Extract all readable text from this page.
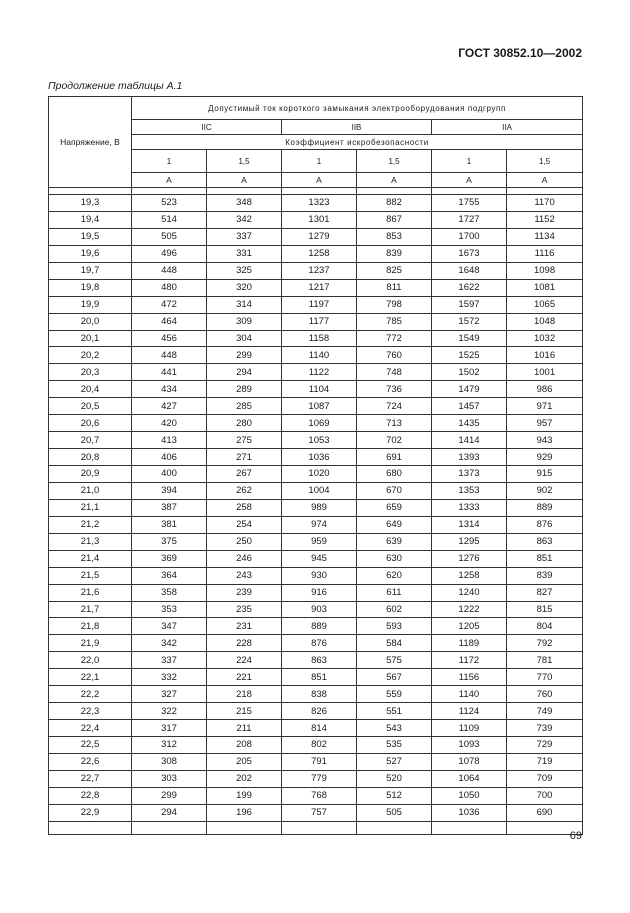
ГОСТ 30852.10—2002
Продолжение таблицы А.1
Напряжение, В	Допустимый ток короткого замыкания электрооборудования подгрупп					
	IIC		IIB		IIA	
	Коэффициент искробезопасности					
	1	1,5	1	1,5	1	1,5
	A	A	A	A	A	A

19,3	523	348	1323	882	1755	1170
19,4	514	342	1301	867	1727	1152
19,5	505	337	1279	853	1700	1134
19,6	496	331	1258	839	1673	1116
19,7	448	325	1237	825	1648	1098
19,8	480	320	1217	811	1622	1081
19,9	472	314	1197	798	1597	1065
20,0	464	309	1177	785	1572	1048
20,1	456	304	1158	772	1549	1032
20,2	448	299	1140	760	1525	1016
20,3	441	294	1122	748	1502	1001
20,4	434	289	1104	736	1479	986
20,5	427	285	1087	724	1457	971
20,6	420	280	1069	713	1435	957
20,7	413	275	1053	702	1414	943
20,8	406	271	1036	691	1393	929
20,9	400	267	1020	680	1373	915
21,0	394	262	1004	670	1353	902
21,1	387	258	989	659	1333	889
21,2	381	254	974	649	1314	876
21,3	375	250	959	639	1295	863
21,4	369	246	945	630	1276	851
21,5	364	243	930	620	1258	839
21,6	358	239	916	611	1240	827
21,7	353	235	903	602	1222	815
21,8	347	231	889	593	1205	804
21,9	342	228	876	584	1189	792
22,0	337	224	863	575	1172	781
22,1	332	221	851	567	1156	770
22,2	327	218	838	559	1140	760
22,3	322	215	826	551	1124	749
22,4	317	211	814	543	1109	739
22,5	312	208	802	535	1093	729
22,6	308	205	791	527	1078	719
22,7	303	202	779	520	1064	709
22,8	299	199	768	512	1050	700
22,9	294	196	757	505	1036	690

69
